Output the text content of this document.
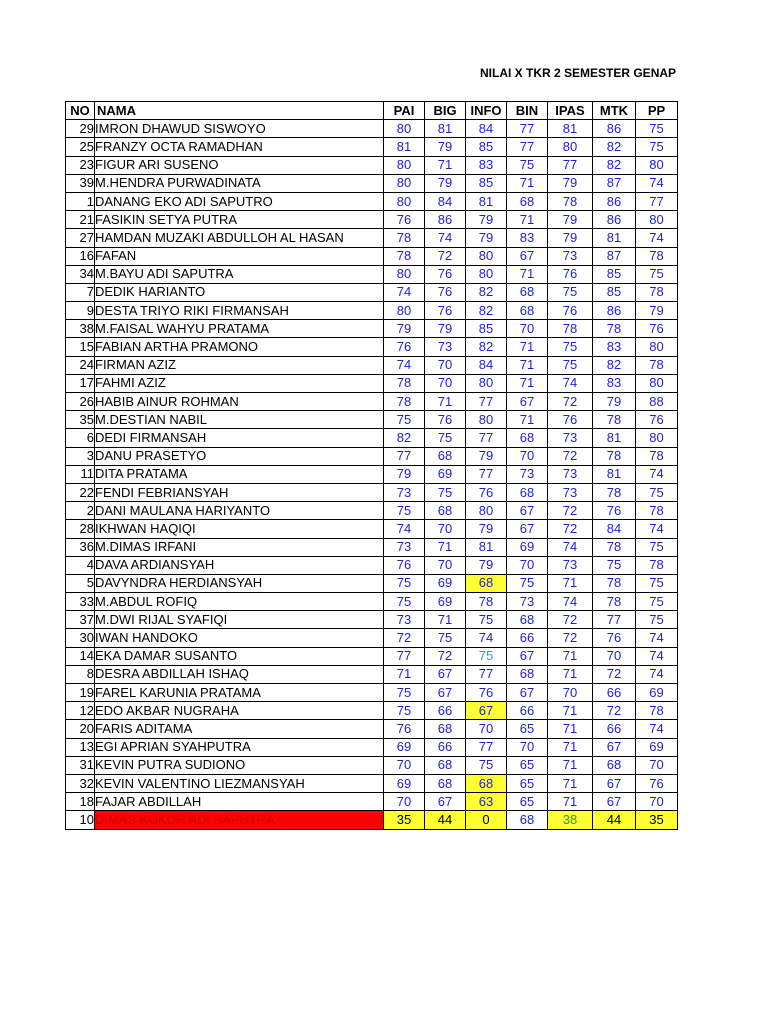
NILAI X TKR 2 SEMESTER GENAP
NO	NAMA	PAI	BIG	INFO	BIN	IPAS	MTK	PP
29	IMRON DHAWUD SISWOYO	80	81	84	77	81	86	75
25	FRANZY OCTA RAMADHAN	81	79	85	77	80	82	75
23	FIGUR ARI SUSENO	80	71	83	75	77	82	80
39	M.HENDRA PURWADINATA	80	79	85	71	79	87	74
1	DANANG EKO ADI SAPUTRO	80	84	81	68	78	86	77
21	FASIKIN SETYA PUTRA	76	86	79	71	79	86	80
27	HAMDAN MUZAKI ABDULLOH AL HASAN	78	74	79	83	79	81	74
16	FAFAN	78	72	80	67	73	87	78
34	M.BAYU ADI SAPUTRA	80	76	80	71	76	85	75
7	DEDIK HARIANTO	74	76	82	68	75	85	78
9	DESTA TRIYO RIKI FIRMANSAH	80	76	82	68	76	86	79
38	M.FAISAL WAHYU PRATAMA	79	79	85	70	78	78	76
15	FABIAN ARTHA PRAMONO	76	73	82	71	75	83	80
24	FIRMAN AZIZ	74	70	84	71	75	82	78
17	FAHMI AZIZ	78	70	80	71	74	83	80
26	HABIB AINUR ROHMAN	78	71	77	67	72	79	88
35	M.DESTIAN NABIL	75	76	80	71	76	78	76
6	DEDI FIRMANSAH	82	75	77	68	73	81	80
3	DANU PRASETYO	77	68	79	70	72	78	78
11	DITA PRATAMA	79	69	77	73	73	81	74
22	FENDI FEBRIANSYAH	73	75	76	68	73	78	75
2	DANI MAULANA HARIYANTO	75	68	80	67	72	76	78
28	IKHWAN HAQIQI	74	70	79	67	72	84	74
36	M.DIMAS IRFANI	73	71	81	69	74	78	75
4	DAVA ARDIANSYAH	76	70	79	70	73	75	78
5	DAVYNDRA HERDIANSYAH	75	69	68	75	71	78	75
33	M.ABDUL ROFIQ	75	69	78	73	74	78	75
37	M.DWI RIJAL SYAFIQI	73	71	75	68	72	77	75
30	IWAN HANDOKO	72	75	74	66	72	76	74
14	EKA DAMAR SUSANTO	77	72	75	67	71	70	74
8	DESRA ABDILLAH ISHAQ	71	67	77	68	71	72	74
19	FAREL KARUNIA PRATAMA	75	67	76	67	70	66	69
12	EDO AKBAR NUGRAHA	75	66	67	66	71	72	78
20	FARIS ADITAMA	76	68	70	65	71	66	74
13	EGI APRIAN SYAHPUTRA	69	66	77	70	71	67	69
31	KEVIN PUTRA SUDIONO	70	68	75	65	71	68	70
32	KEVIN VALENTINO LIEZMANSYAH	69	68	68	65	71	67	76
18	FAJAR ABDILLAH	70	67	63	65	71	67	70
10	DIMAS KUKUH ADI SAPUTRA	35	44	0	68	38	44	35
